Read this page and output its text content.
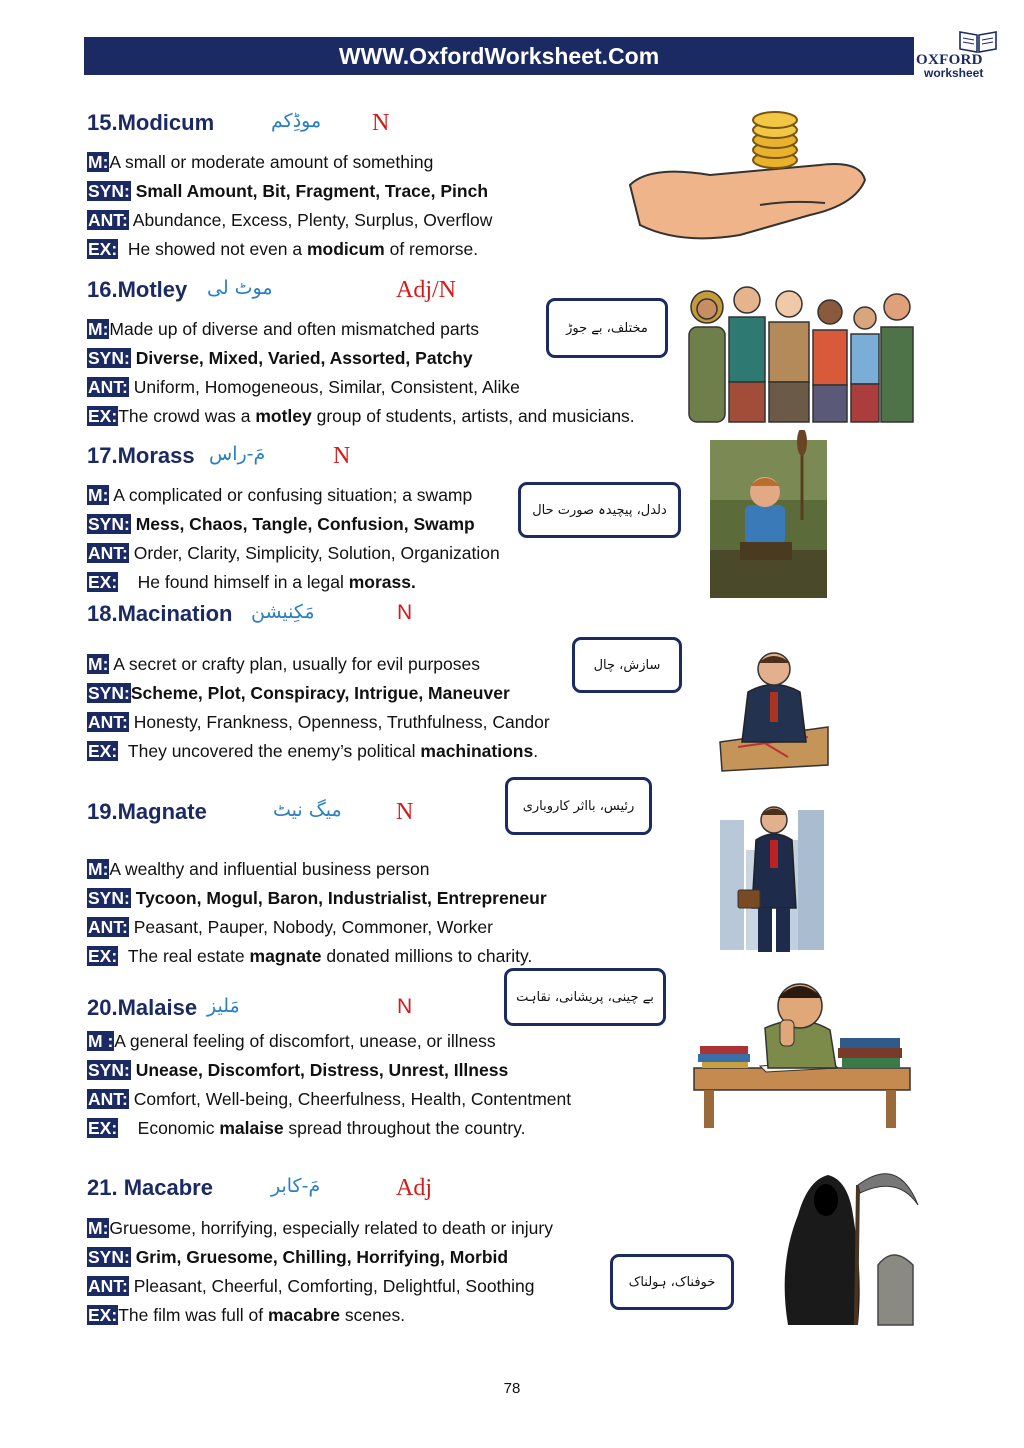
WWW.OxfordWorksheet.Com	OXFORD
worksheet
15.Modicum	موڈِکم N
M:A small or moderate amount of something
SYN: Small Amount, Bit, Fragment, Trace, Pinch
ANT: Abundance, Excess, Plenty, Surplus, Overflow
EX: He showed not even a modicum of remorse.
16.Motley موٹ لی	Adj/N
M:Made up of diverse and often mismatched parts
SYN: Diverse, Mixed, Varied, Assorted, Patchy
ANT: Uniform, Homogeneous, Similar, Consistent, Alike
EX:The crowd was a motley group of students, artists, and musicians.
مختلف، بے جوڑ
17.Morass مَ-راس	N
M: A complicated or confusing situation; a swamp
SYN: Mess, Chaos, Tangle, Confusion, Swamp
ANT: Order, Clarity, Simplicity, Solution, Organization
EX: He found himself in a legal morass.
دلدل، پیچیدہ صورت حال
18.Macination مَکِنیشن	N
M: A secret or crafty plan, usually for evil purposes
SYN:Scheme, Plot, Conspiracy, Intrigue, Maneuver
ANT: Honesty, Frankness, Openness, Truthfulness, Candor
EX: They uncovered the enemy’s political machinations.
سازش، چال
19.Magnate	میگ نیٹ N
M:A wealthy and influential business person
SYN: Tycoon, Mogul, Baron, Industrialist, Entrepreneur
ANT: Peasant, Pauper, Nobody, Commoner, Worker
EX: The real estate magnate donated millions to charity.
رئیس، بااثر کاروباری
20.Malaise مَلیز	N
M :A general feeling of discomfort, unease, or illness
SYN: Unease, Discomfort, Distress, Unrest, Illness
ANT: Comfort, Well-being, Cheerfulness, Health, Contentment
EX: Economic malaise spread throughout the country.
بے چینی، پریشانی، نقاہت
21. Macabre	مَ-کابر	Adj
M:Gruesome, horrifying, especially related to death or injury
SYN: Grim, Gruesome, Chilling, Horrifying, Morbid
ANT: Pleasant, Cheerful, Comforting, Delightful, Soothing
EX:The film was full of macabre scenes.
خوفناک، ہولناک
78
